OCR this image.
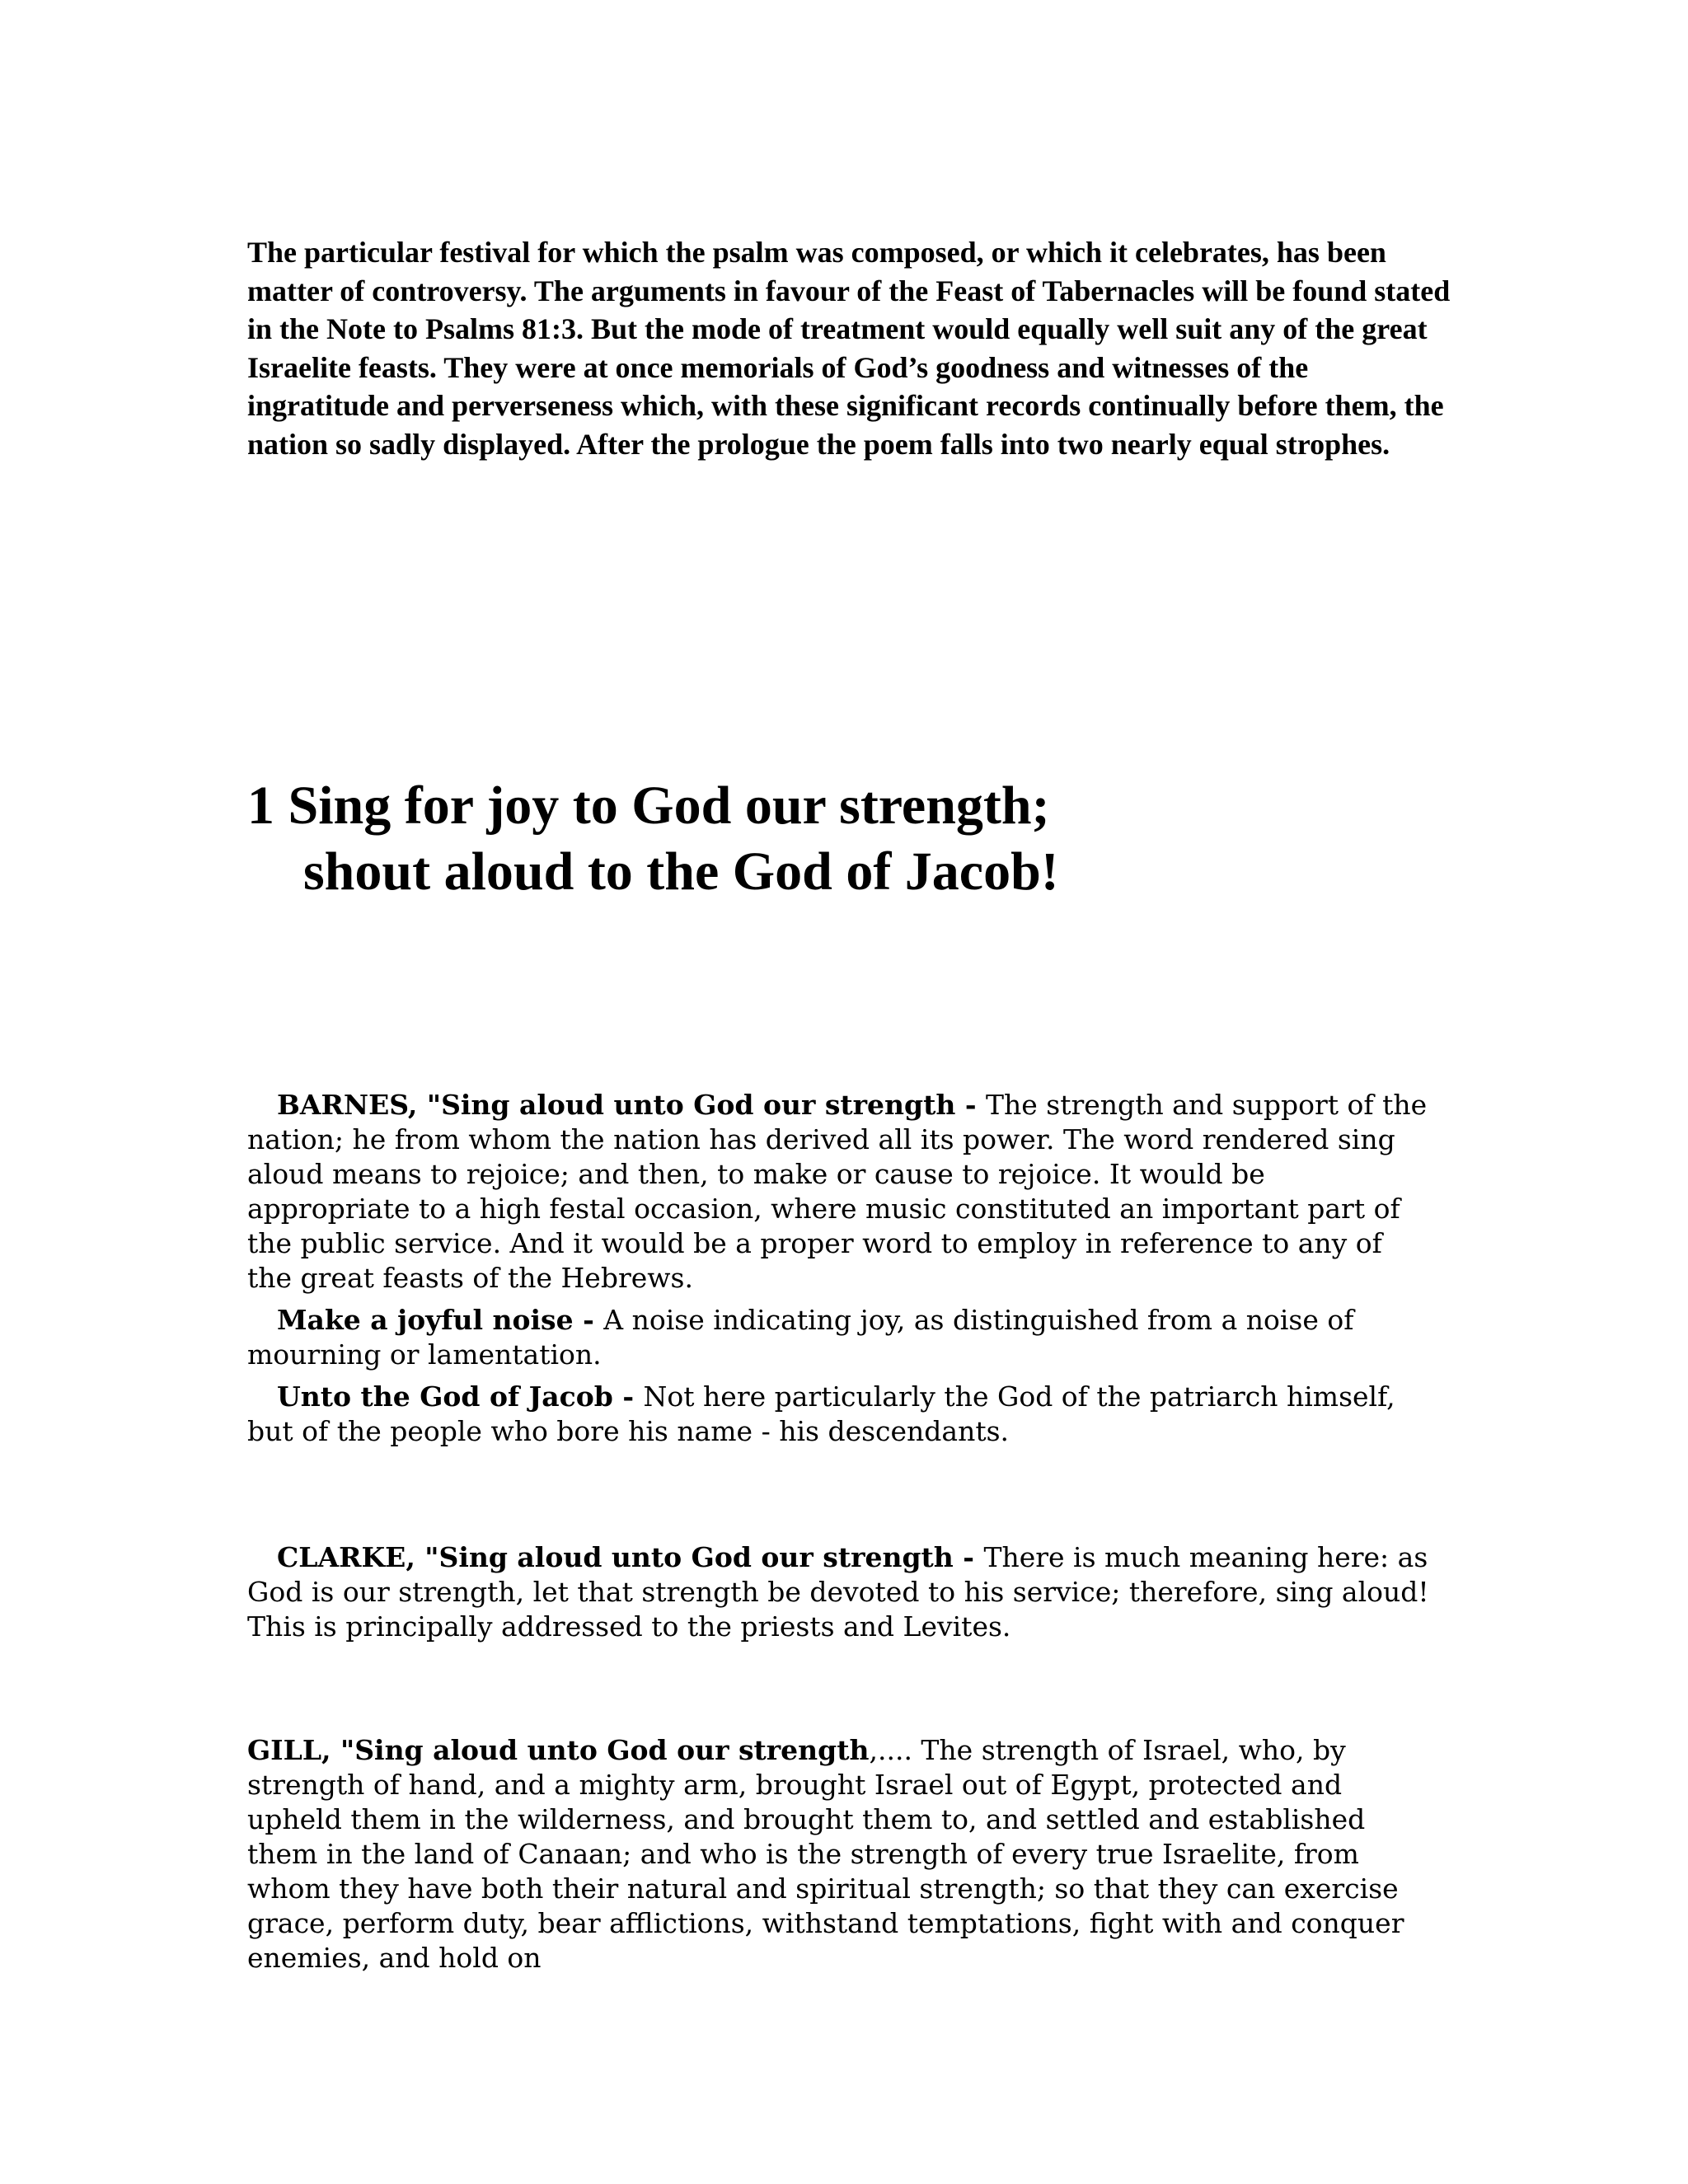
The particular festival for which the psalm was composed, or which it celebrates, has been matter of controversy. The arguments in favour of the Feast of Tabernacles will be found stated in the Note to Psalms 81:3. But the mode of treatment would equally well suit any of the great Israelite feasts. They were at once memorials of God’s goodness and witnesses of the ingratitude and perverseness which, with these significant records continually before them, the nation so sadly displayed. After the prologue the poem falls into two nearly equal strophes.

1 Sing for joy to God our strength;
shout aloud to the God of Jacob!

BARNES, "Sing aloud unto God our strength - The strength and support of the nation; he from whom the nation has derived all its power. The word rendered sing aloud means to rejoice; and then, to make or cause to rejoice. It would be appropriate to a high festal occasion, where music constituted an important part of the public service. And it would be a proper word to employ in reference to any of the great feasts of the Hebrews.

Make a joyful noise - A noise indicating joy, as distinguished from a noise of mourning or lamentation.

Unto the God of Jacob - Not here particularly the God of the patriarch himself, but of the people who bore his name - his descendants.

CLARKE, "Sing aloud unto God our strength - There is much meaning here: as God is our strength, let that strength be devoted to his service; therefore, sing aloud! This is principally addressed to the priests and Levites.

GILL, "Sing aloud unto God our strength,.... The strength of Israel, who, by strength of hand, and a mighty arm, brought Israel out of Egypt, protected and upheld them in the wilderness, and brought them to, and settled and established them in the land of Canaan; and who is the strength of every true Israelite, from whom they have both their natural and spiritual strength; so that they can exercise grace, perform duty, bear afflictions, withstand temptations, fight with and conquer enemies, and hold on
